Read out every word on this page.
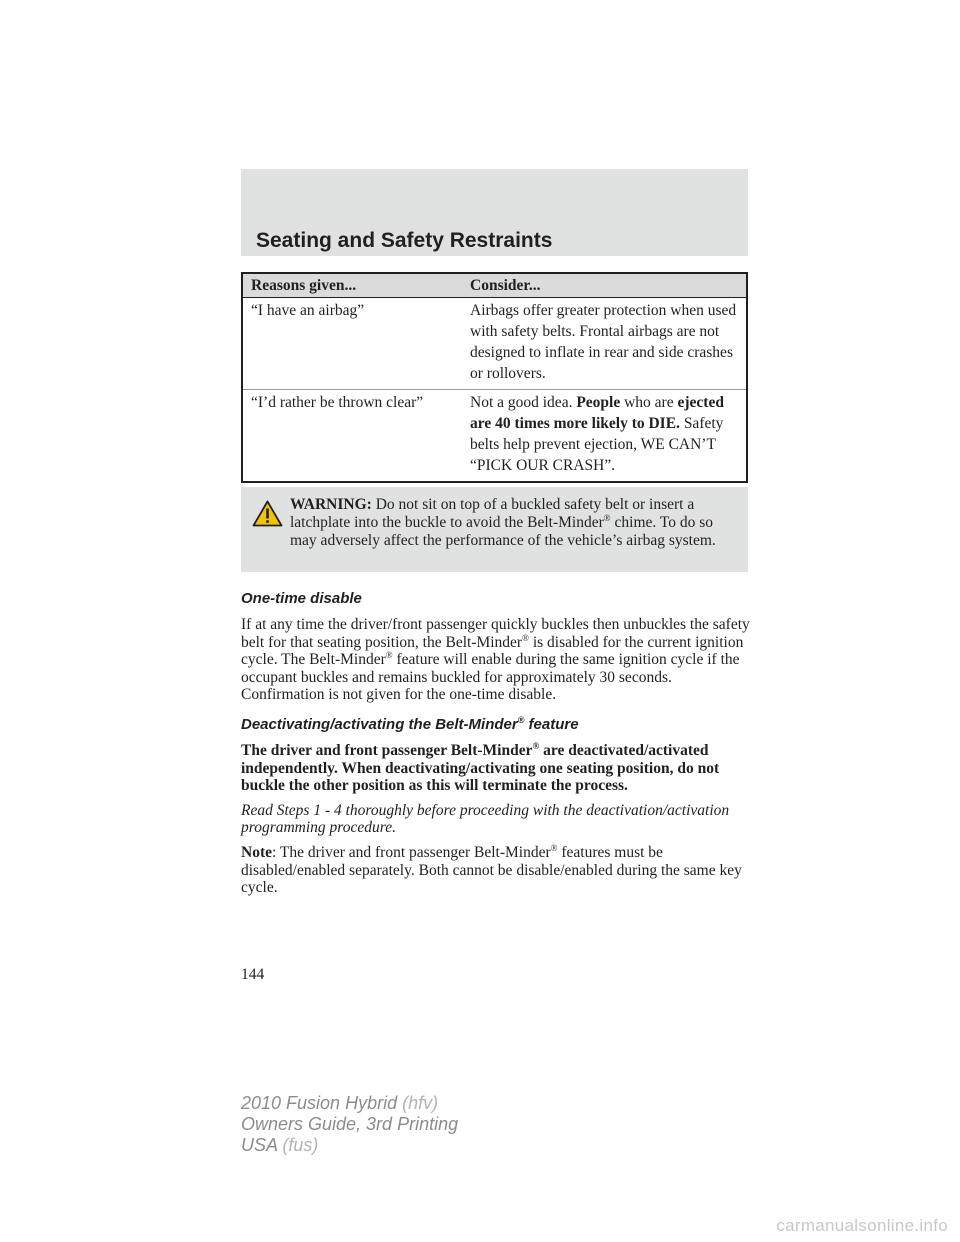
Seating and Safety Restraints
Reasons given...	Consider...
“I have an airbag”	Airbags offer greater protection when used with safety belts. Frontal airbags are not designed to inflate in rear and side crashes or rollovers.
“I’d rather be thrown clear”	Not a good idea. People who are ejected are 40 times more likely to DIE. Safety belts help prevent ejection, WE CAN’T “PICK OUR CRASH”.

WARNING: Do not sit on top of a buckled safety belt or insert a latchplate into the buckle to avoid the Belt-Minder® chime. To do so may adversely affect the performance of the vehicle’s airbag system.

One-time disable

If at any time the driver/front passenger quickly buckles then unbuckles the safety belt for that seating position, the Belt-Minder® is disabled for the current ignition cycle. The Belt-Minder® feature will enable during the same ignition cycle if the occupant buckles and remains buckled for approximately 30 seconds. Confirmation is not given for the one-time disable.

Deactivating/activating the Belt-Minder® feature

The driver and front passenger Belt-Minder® are deactivated/activated independently. When deactivating/activating one seating position, do not buckle the other position as this will terminate the process.

Read Steps 1 - 4 thoroughly before proceeding with the deactivation/activation programming procedure.

Note: The driver and front passenger Belt-Minder® features must be disabled/enabled separately. Both cannot be disable/enabled during the same key cycle.

144

2010 Fusion Hybrid (hfv)
Owners Guide, 3rd Printing
USA (fus)
carmanualsonline.info
